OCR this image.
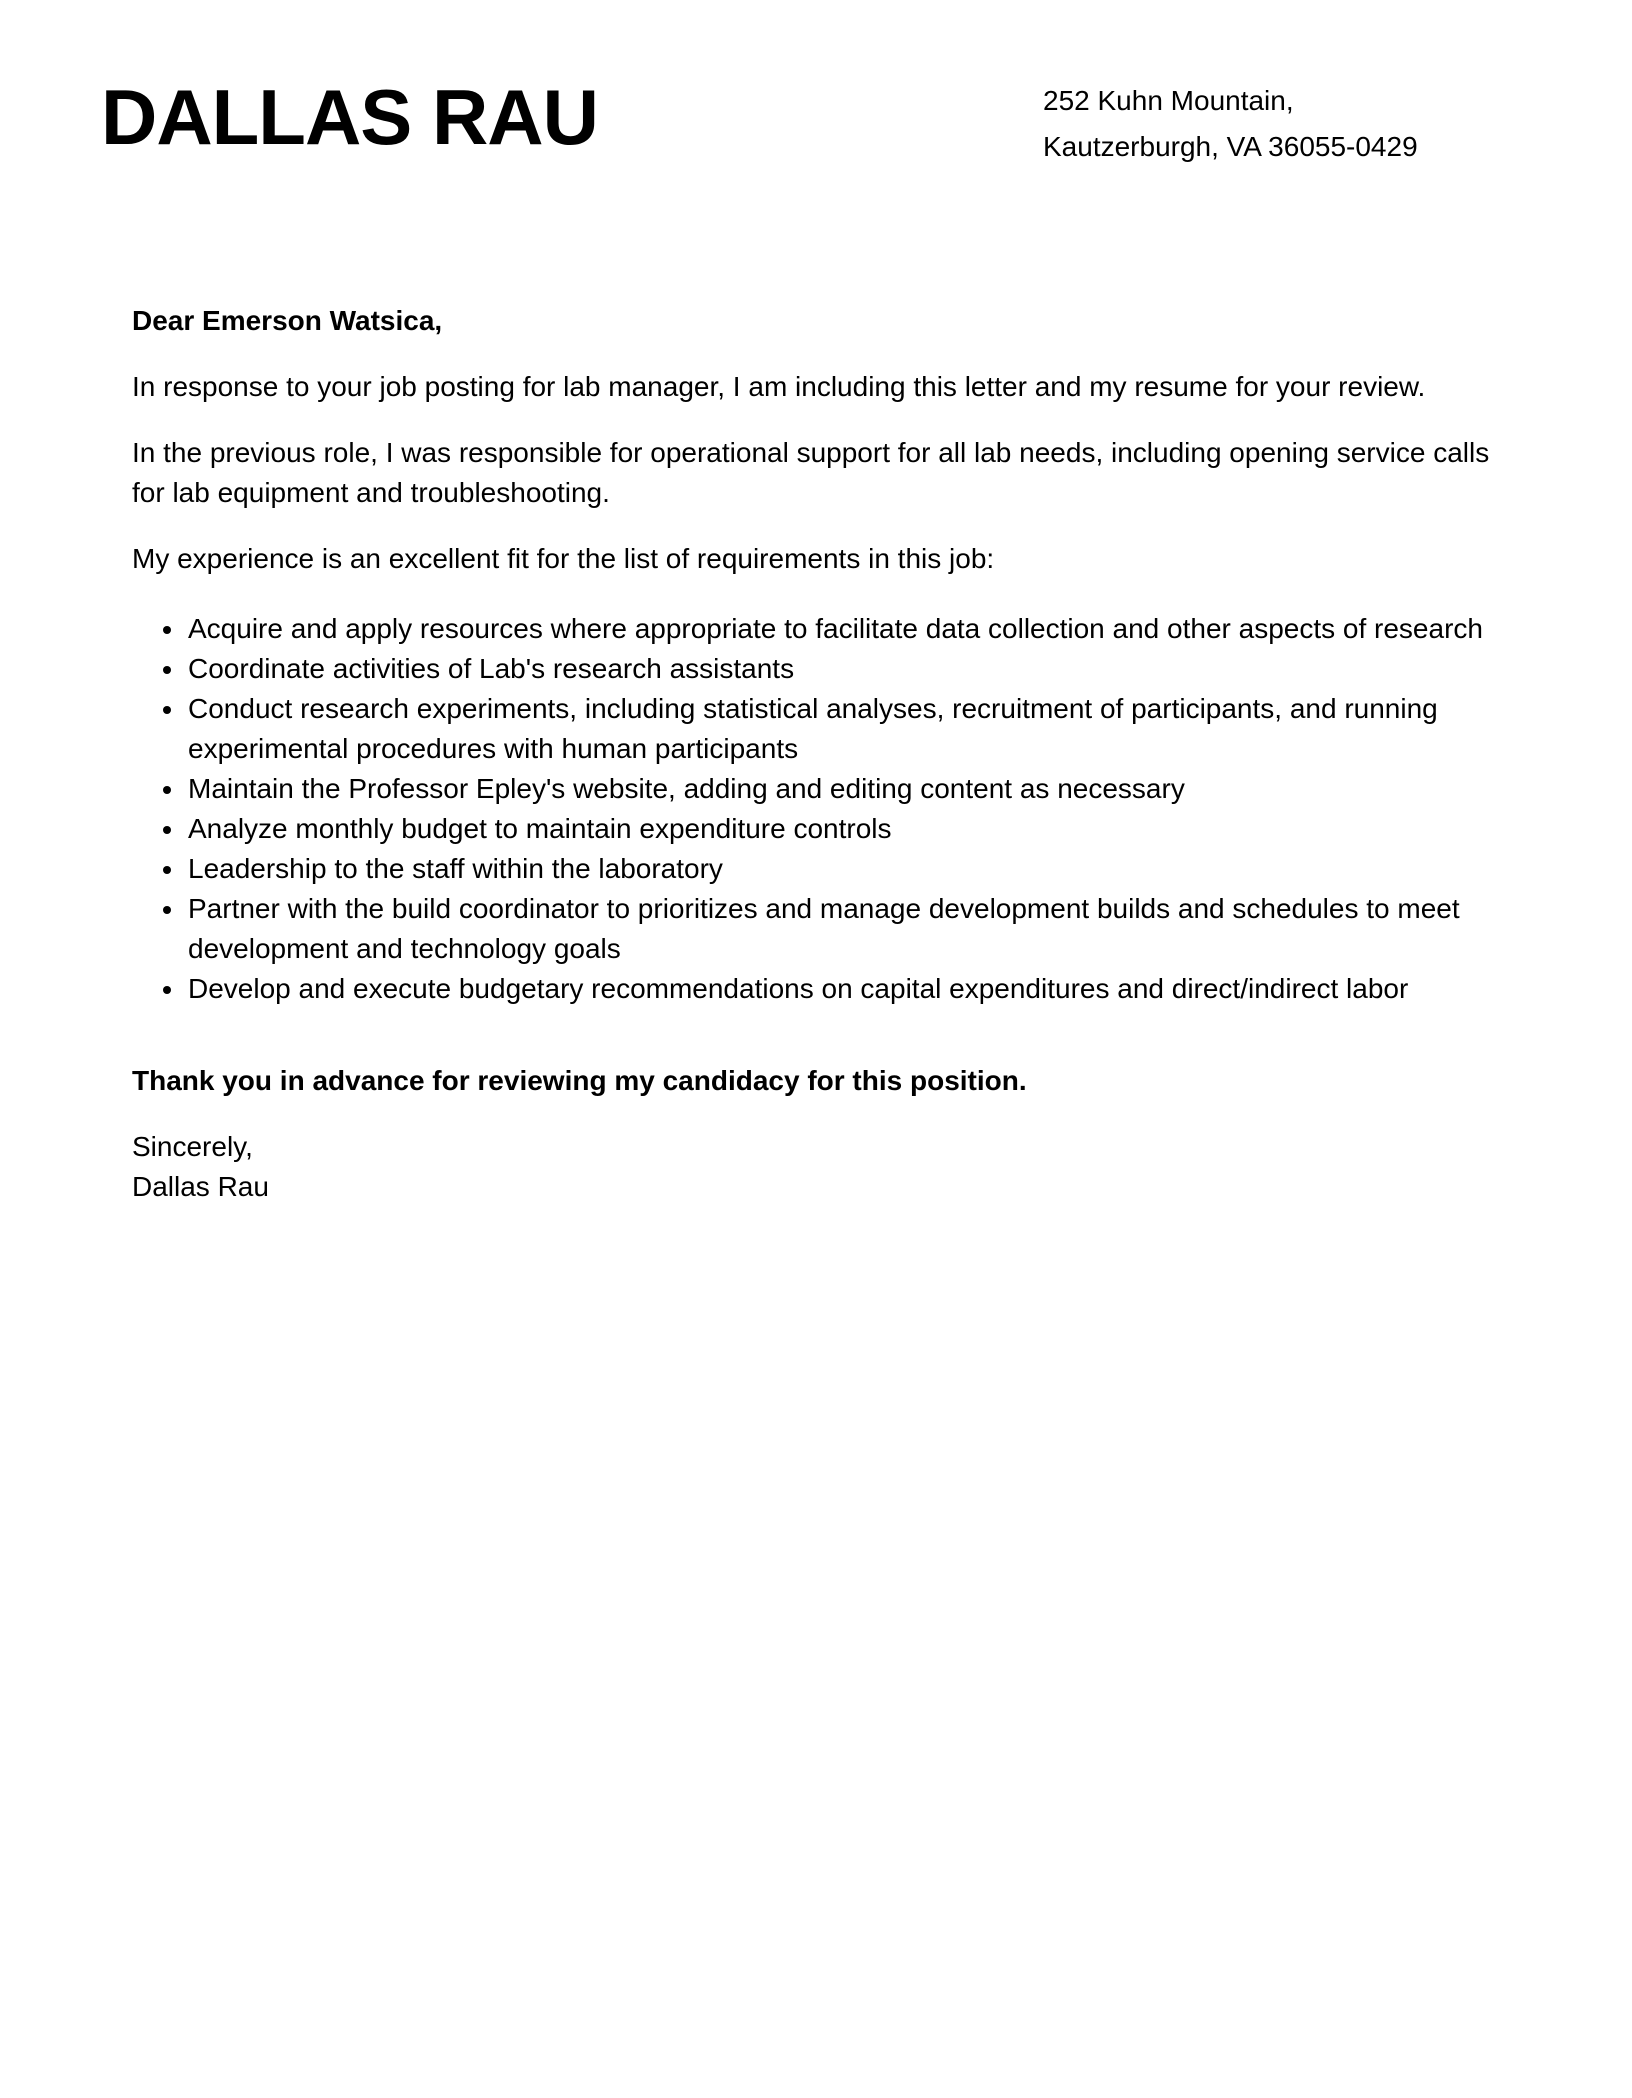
DALLAS RAU	252 Kuhn Mountain,
Kautzerburgh, VA 36055-0429

Dear Emerson Watsica,

In response to your job posting for lab manager, I am including this letter and my resume for your review.

In the previous role, I was responsible for operational support for all lab needs, including opening service calls for lab equipment and troubleshooting.

My experience is an excellent fit for the list of requirements in this job:

• Acquire and apply resources where appropriate to facilitate data collection and other aspects of research
• Coordinate activities of Lab's research assistants
• Conduct research experiments, including statistical analyses, recruitment of participants, and running experimental procedures with human participants
• Maintain the Professor Epley's website, adding and editing content as necessary
• Analyze monthly budget to maintain expenditure controls
• Leadership to the staff within the laboratory
• Partner with the build coordinator to prioritizes and manage development builds and schedules to meet development and technology goals
• Develop and execute budgetary recommendations on capital expenditures and direct/indirect labor

Thank you in advance for reviewing my candidacy for this position.

Sincerely,
Dallas Rau
